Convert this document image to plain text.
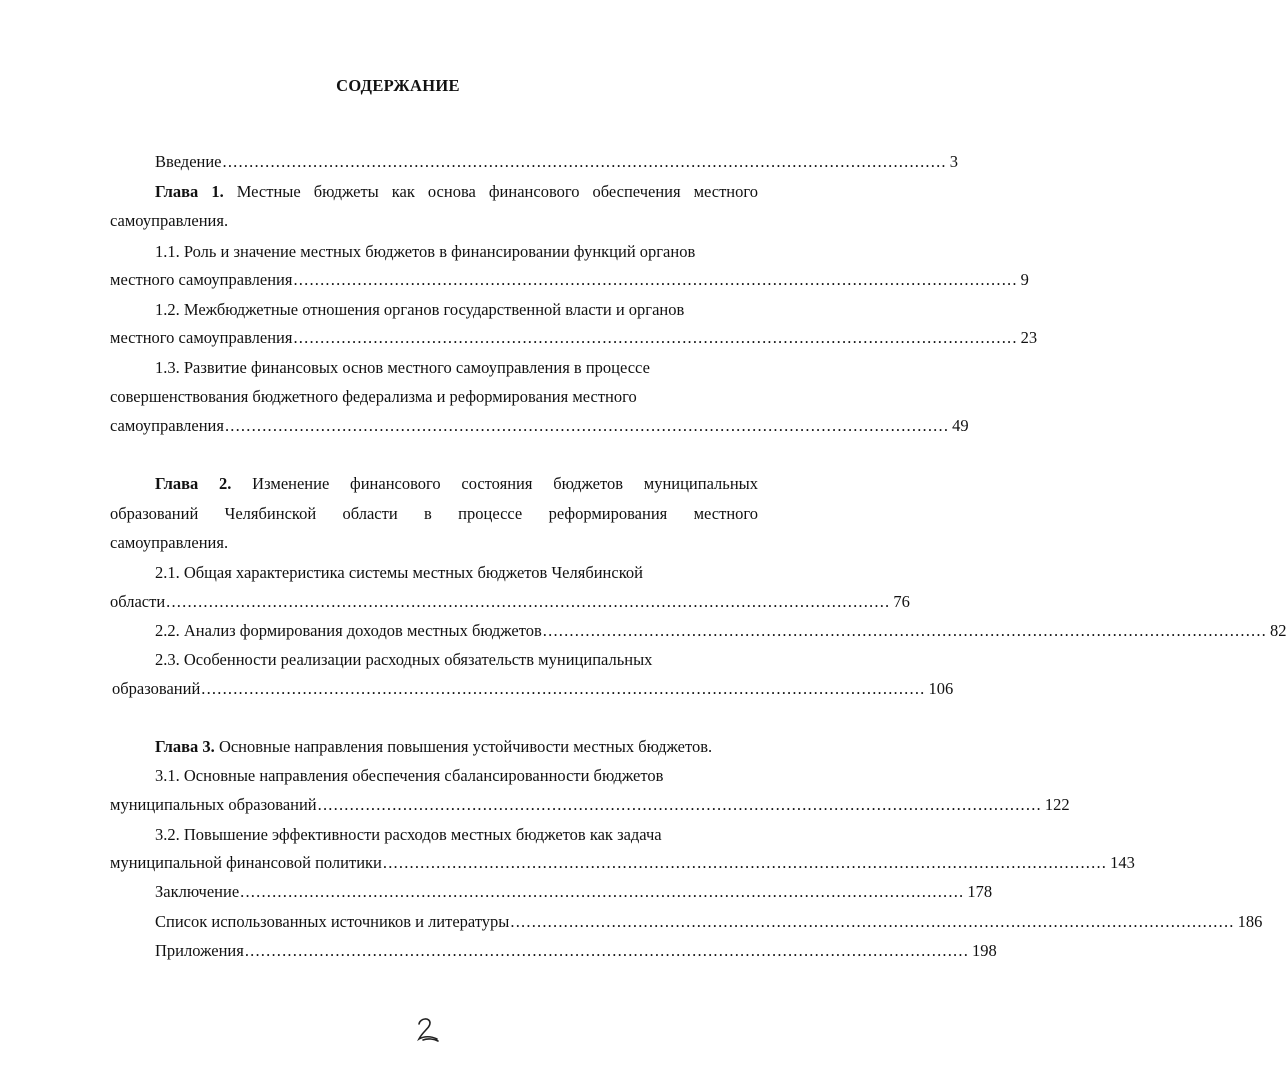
СОДЕРЖАНИЕ
Введение ........................................................................................................................................ 3
Глава 1. Местные бюджеты как основа финансового обеспечения местного
самоуправления.
1.1. Роль и значение местных бюджетов в финансировании функций органов
местного самоуправления ........................................................................................................................................ 9
1.2. Межбюджетные отношения органов государственной власти и органов
местного самоуправления ........................................................................................................................................ 23
1.3. Развитие финансовых основ местного самоуправления в процессе
совершенствования бюджетного федерализма и реформирования местного
самоуправления ........................................................................................................................................ 49
Глава 2. Изменение финансового состояния бюджетов муниципальных
образований Челябинской области в процессе реформирования местного
самоуправления.
2.1. Общая характеристика системы местных бюджетов Челябинской
области ........................................................................................................................................ 76
2.2. Анализ формирования доходов местных бюджетов ........................................................................................................................................ 82
2.3. Особенности реализации расходных обязательств муниципальных
образований ........................................................................................................................................ 106
Глава 3. Основные направления повышения устойчивости местных бюджетов.
3.1. Основные направления обеспечения сбалансированности бюджетов
муниципальных образований ........................................................................................................................................ 122
3.2. Повышение эффективности расходов местных бюджетов как задача
муниципальной финансовой политики ........................................................................................................................................ 143
Заключение ........................................................................................................................................ 178
Список использованных источников и литературы ........................................................................................................................................ 186
Приложения ........................................................................................................................................ 198
